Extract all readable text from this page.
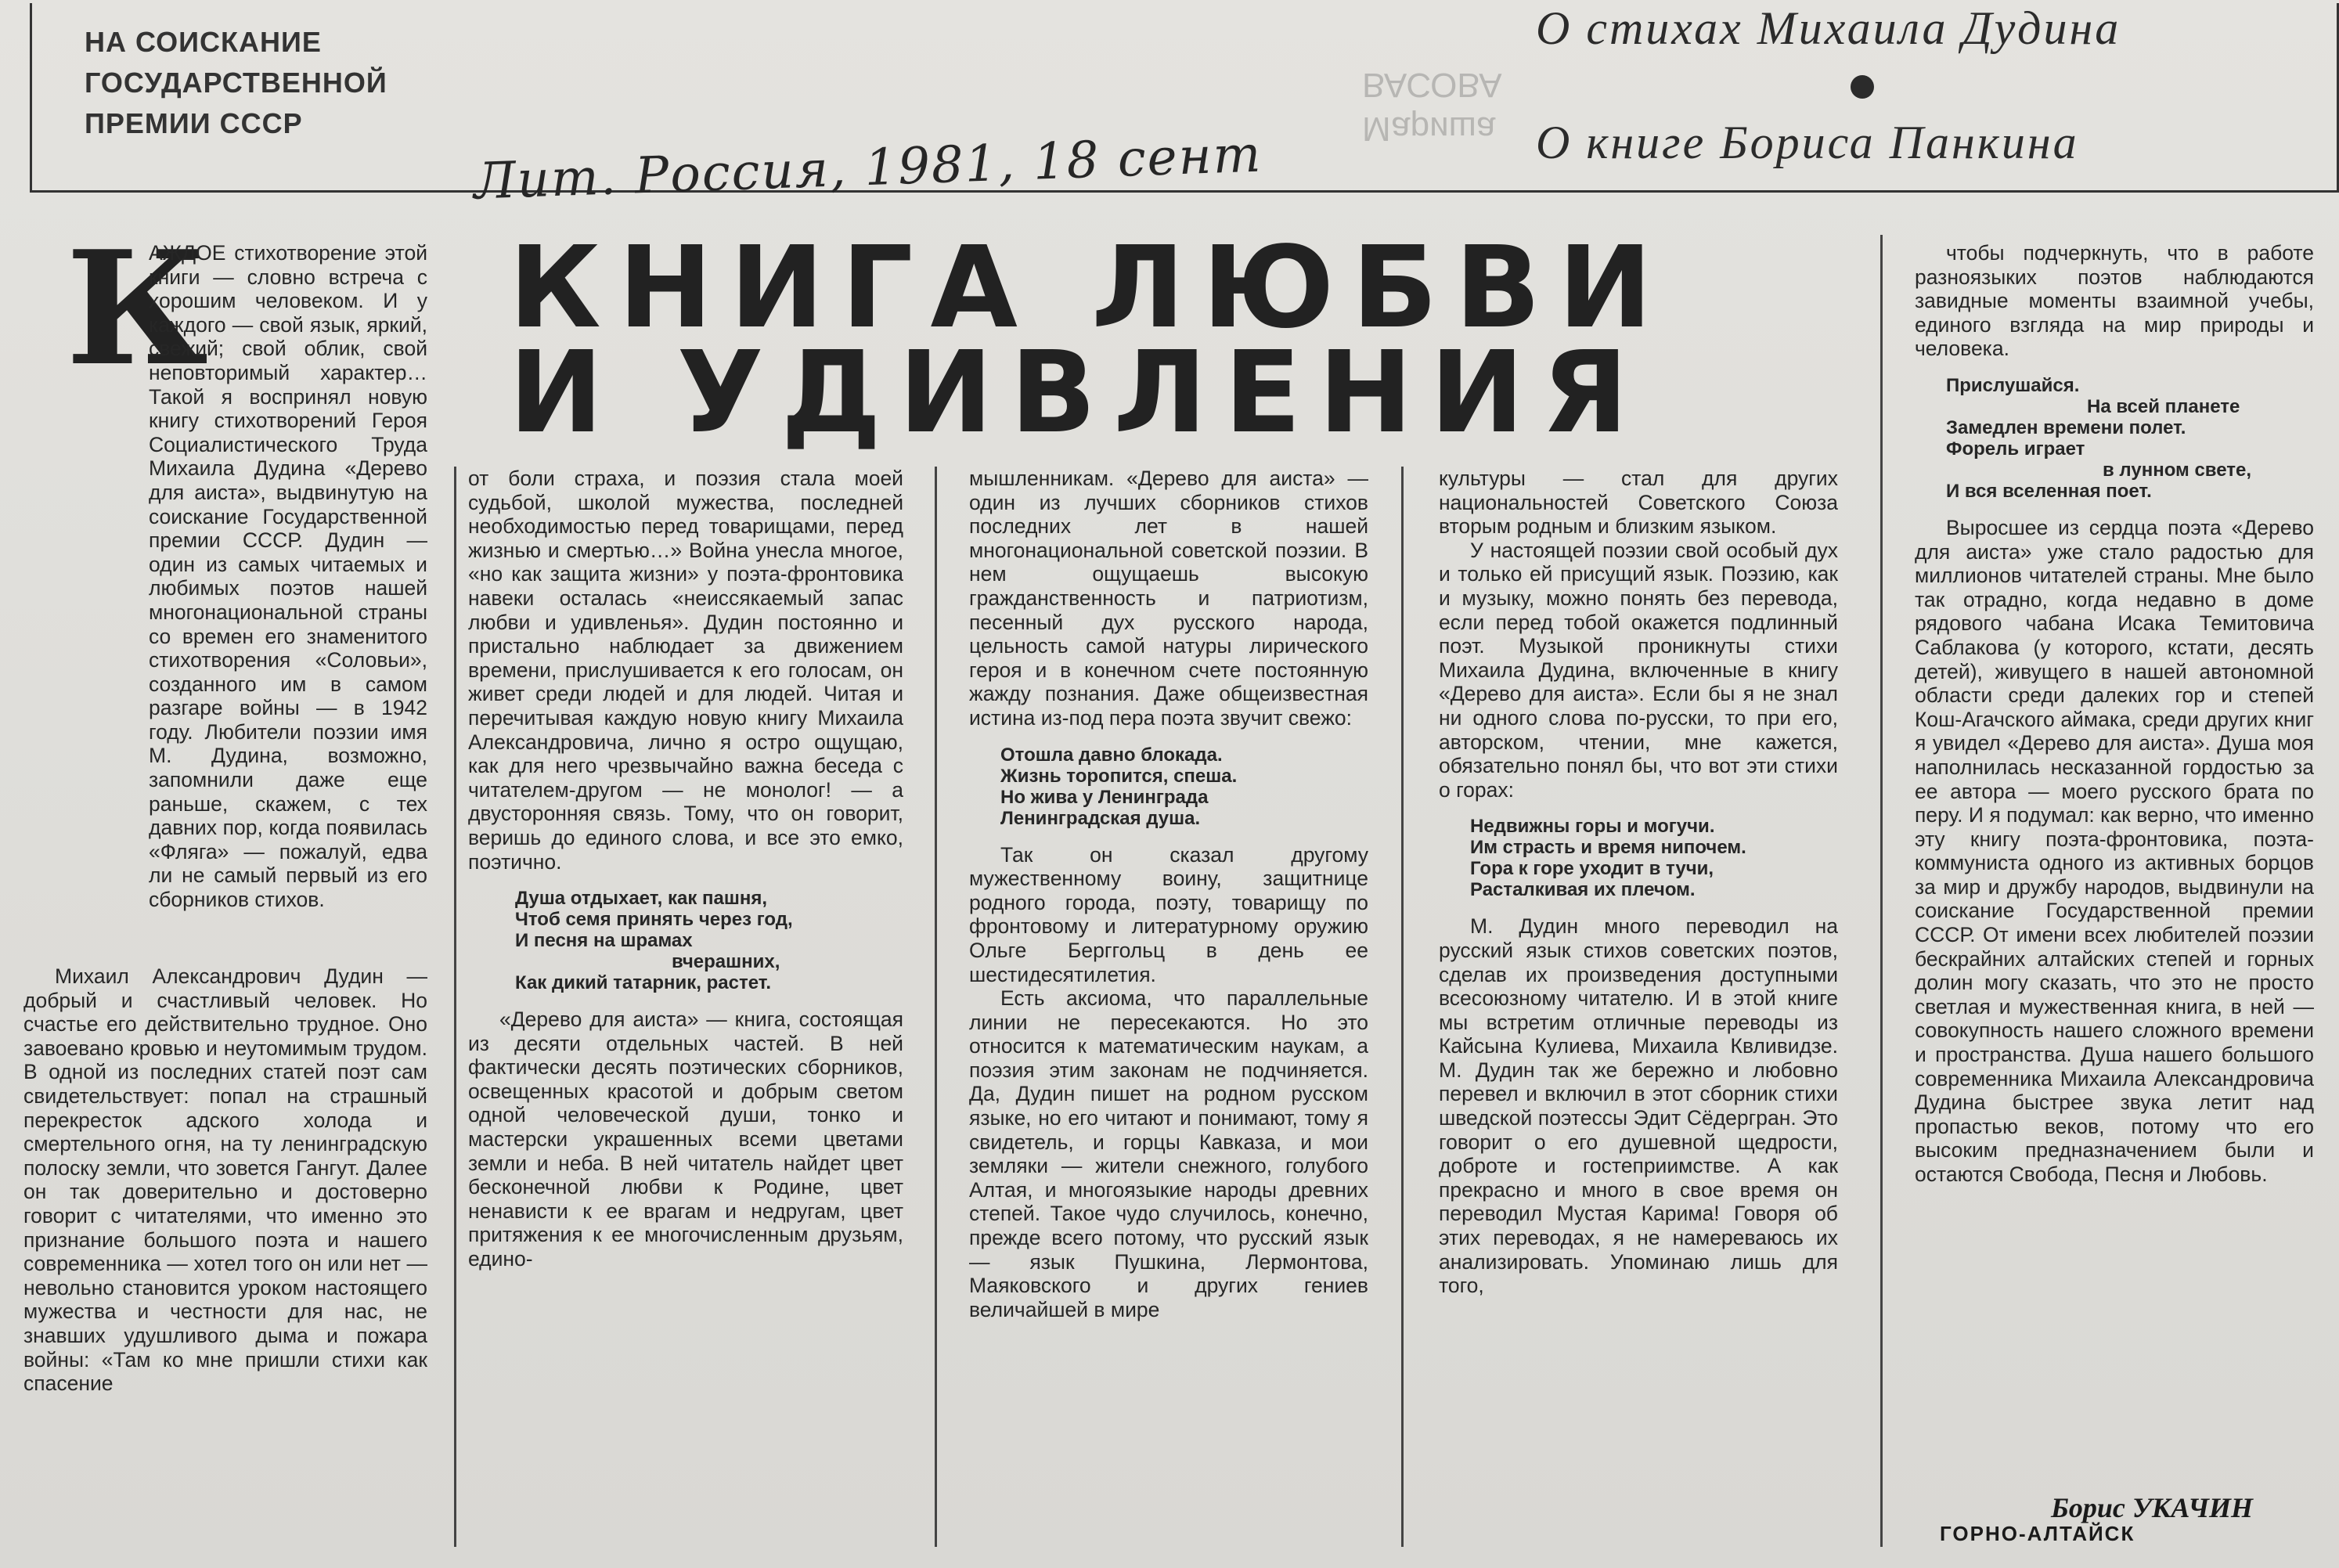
НА СОИСКАНИЕ
ГОСУДАРСТВЕННОЙ
ПРЕМИИ СССР	Мариша
ВАСОВА
Лит. Россия, 1981, 18 сент
О стихах Михаила Дудина
О книге Бориса Панкина
КНИГА ЛЮБВИ
И УДИВЛЕНИЯ
К

АЖДОЕ стихотворение этой книги — словно встреча с хорошим человеком. И у каждого — свой язык, яркий, свежий; свой облик, свой неповторимый характер… Такой я воспринял новую книгу стихотворений Героя Социалистического Труда Михаила Дудина «Дерево для аиста», выдвинутую на соискание Государственной премии СССР. Дудин — один из самых читаемых и любимых поэтов нашей многонациональной страны со времен его знаменитого стихотворения «Соловьи», созданного им в самом разгаре войны — в 1942 году. Любители поэзии имя М. Дудина, возможно, запомнили даже еще раньше, скажем, с тех давних пор, когда появилась «Фляга» — пожалуй, едва ли не самый первый из его сборников стихов.

Михаил Александрович Дудин — добрый и счастливый человек. Но счастье его действительно трудное. Оно завоевано кровью и неутомимым трудом. В одной из последних статей поэт сам свидетельствует: попал на страшный перекресток адского холода и смертельного огня, на ту ленинградскую полоску земли, что зовется Гангут. Далее он так доверительно и достоверно говорит с читателями, что именно это признание большого поэта и нашего современника — хотел того он или нет — невольно становится уроком настоящего мужества и честности для нас, не знавших удушливого дыма и пожара войны: «Там ко мне пришли стихи как спасение

от боли страха, и поэзия стала моей судьбой, школой мужества, последней необходимостью перед товарищами, перед жизнью и смертью…» Война унесла многое, «но как защита жизни» у поэта-фронтовика навеки осталась «неиссякаемый запас любви и удивленья». Дудин постоянно и пристально наблюдает за движением времени, прислушивается к его голосам, он живет среди людей и для людей. Читая и перечитывая каждую новую книгу Михаила Александровича, лично я остро ощущаю, как для него чрезвычайно важна беседа с читателем-другом — не монолог! — а двусторонняя связь. Тому, что он говорит, веришь до единого слова, и все это емко, поэтично.

Душа отдыхает, как пашня,
Чтоб семя принять через год,
И песня на шрамах
вчерашних,
Как дикий татарник, растет.

«Дерево для аиста» — книга, состоящая из десяти отдельных частей. В ней фактически десять поэтических сборников, освещенных красотой и добрым светом одной человеческой души, тонко и мастерски украшенных всеми цветами земли и неба. В ней читатель найдет цвет бесконечной любви к Родине, цвет ненависти к ее врагам и недругам, цвет притяжения к ее многочисленным друзьям, едино-

мышленникам. «Дерево для аиста» — один из лучших сборников стихов последних лет в нашей многонациональной советской поэзии. В нем ощущаешь высокую гражданственность и патриотизм, песенный дух русского народа, цельность самой натуры лирического героя и в конечном счете постоянную жажду познания. Даже общеизвестная истина из-под пера поэта звучит свежо:

Отошла давно блокада.
Жизнь торопится, спеша.
Но жива у Ленинграда
Ленинградская душа.

Так он сказал другому мужественному воину, защитнице родного города, поэту, товарищу по фронтовому и литературному оружию Ольге Берггольц в день ее шестидесятилетия.

Есть аксиома, что параллельные линии не пересекаются. Но это относится к математическим наукам, а поэзия этим законам не подчиняется. Да, Дудин пишет на родном русском языке, но его читают и понимают, тому я свидетель, и горцы Кавказа, и мои земляки — жители снежного, голубого Алтая, и многоязыкие народы древних степей. Такое чудо случилось, конечно, прежде всего потому, что русский язык — язык Пушкина, Лермонтова, Маяковского и других гениев величайшей в мире

культуры — стал для других национальностей Советского Союза вторым родным и близким языком.

У настоящей поэзии свой особый дух и только ей присущий язык. Поэзию, как и музыку, можно понять без перевода, если перед тобой окажется подлинный поэт. Музыкой проникнуты стихи Михаила Дудина, включенные в книгу «Дерево для аиста». Если бы я не знал ни одного слова по-русски, то при его, авторском, чтении, мне кажется, обязательно понял бы, что вот эти стихи о горах:

Недвижны горы и могучи.
Им страсть и время нипочем.
Гора к горе уходит в тучи,
Расталкивая их плечом.

М. Дудин много переводил на русский язык стихов советских поэтов, сделав их произведения доступными всесоюзному читателю. И в этой книге мы встретим отличные переводы из Кайсына Кулиева, Михаила Квливидзе. М. Дудин так же бережно и любовно перевел и включил в этот сборник стихи шведской поэтессы Эдит Сёдергран. Это говорит о его душевной щедрости, доброте и гостеприимстве. А как прекрасно и много в свое время он переводил Мустая Карима! Говоря об этих переводах, я не намереваюсь их анализировать. Упоминаю лишь для того,

чтобы подчеркнуть, что в работе разноязыких поэтов наблюдаются завидные моменты взаимной учебы, единого взгляда на мир природы и человека.

Прислушайся.
На всей планете
Замедлен времени полет.
Форель играет
в лунном свете,
И вся вселенная поет.

Выросшее из сердца поэта «Дерево для аиста» уже стало радостью для миллионов читателей страны. Мне было так отрадно, когда недавно в доме рядового чабана Исака Темитовича Саблакова (у которого, кстати, десять детей), живущего в нашей автономной области среди далеких гор и степей Кош-Агачского аймака, среди других книг я увидел «Дерево для аиста». Душа моя наполнилась несказанной гордостью за ее автора — моего русского брата по перу. И я подумал: как верно, что именно эту книгу поэта-фронтовика, поэта-коммуниста одного из активных борцов за мир и дружбу народов, выдвинули на соискание Государственной премии СССР. От имени всех любителей поэзии бескрайних алтайских степей и горных долин могу сказать, что это не просто светлая и мужественная книга, в ней — совокупность нашего сложного времени и пространства. Душа нашего большого современника Михаила Александровича Дудина быстрее звука летит над пропастью веков, потому что его высоким предназначением были и остаются Свобода, Песня и Любовь.

Борис УКАЧИН
ГОРНО-АЛТАЙСК
